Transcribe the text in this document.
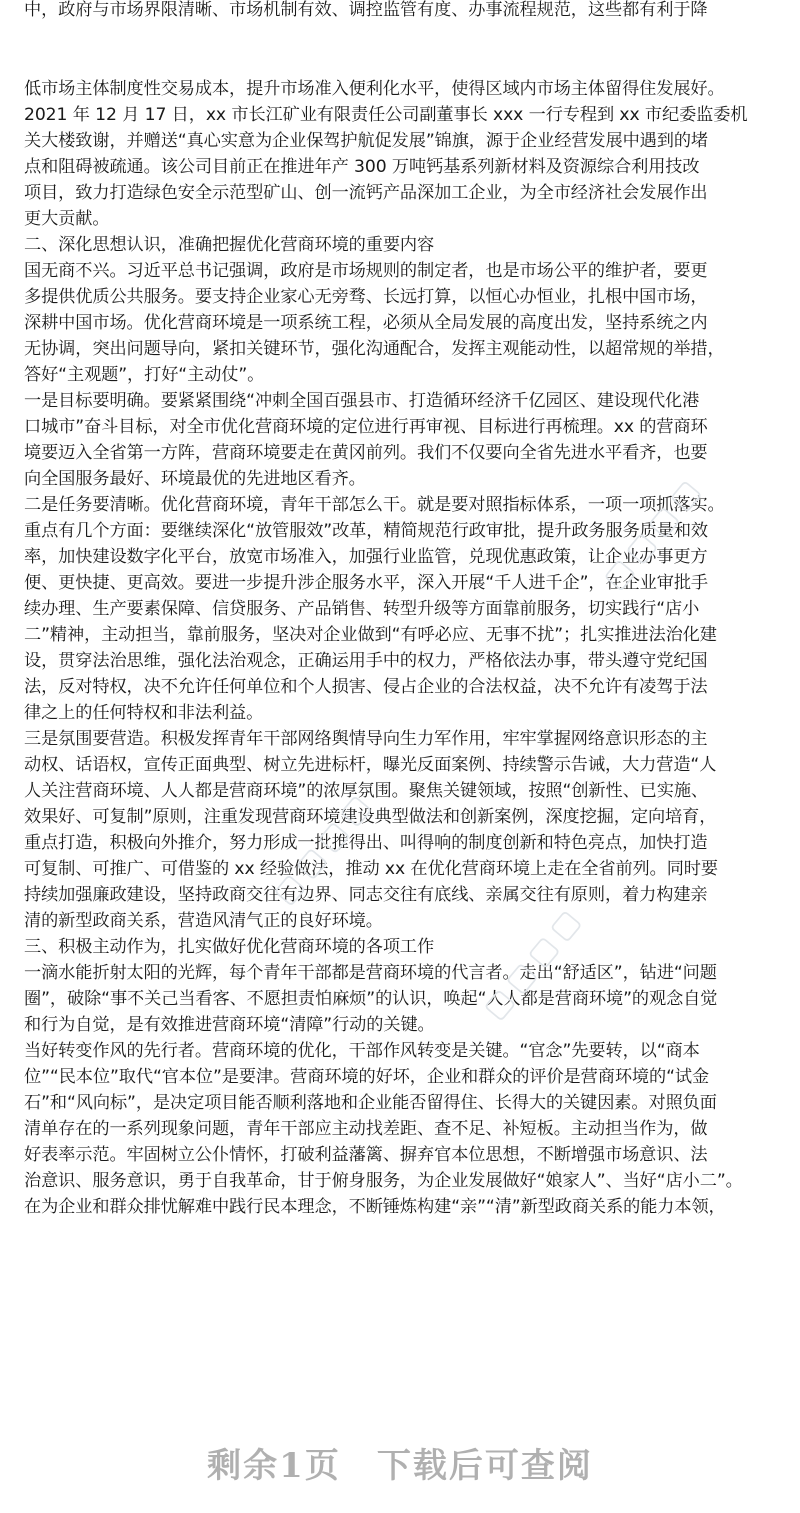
中，政府与市场界限清晰、市场机制有效、调控监管有度、办事流程规范，这些都有利于降
低市场主体制度性交易成本，提升市场准入便利化水平，使得区域内市场主体留得住发展好。
2021 年 12 月 17 日，xx 市长江矿业有限责任公司副董事长 xxx 一行专程到 xx 市纪委监委机
关大楼致谢，并赠送“真心实意为企业保驾护航促发展”锦旗，源于企业经营发展中遇到的堵
点和阻碍被疏通。该公司目前正在推进年产 300 万吨钙基系列新材料及资源综合利用技改
项目，致力打造绿色安全示范型矿山、创一流钙产品深加工企业，为全市经济社会发展作出
更大贡献。
二、深化思想认识，准确把握优化营商环境的重要内容
国无商不兴。习近平总书记强调，政府是市场规则的制定者，也是市场公平的维护者，要更
多提供优质公共服务。要支持企业家心无旁骛、长远打算，以恒心办恒业，扎根中国市场，
深耕中国市场。优化营商环境是一项系统工程，必须从全局发展的高度出发，坚持系统之内
无协调，突出问题导向，紧扣关键环节，强化沟通配合，发挥主观能动性，以超常规的举措，
答好“主观题”，打好“主动仗”。
一是目标要明确。要紧紧围绕“冲刺全国百强县市、打造循环经济千亿园区、建设现代化港
口城市”奋斗目标，对全市优化营商环境的定位进行再审视、目标进行再梳理。xx 的营商环
境要迈入全省第一方阵，营商环境要走在黄冈前列。我们不仅要向全省先进水平看齐，也要
向全国服务最好、环境最优的先进地区看齐。
二是任务要清晰。优化营商环境，青年干部怎么干。就是要对照指标体系，一项一项抓落实。
重点有几个方面：要继续深化“放管服效”改革，精简规范行政审批，提升政务服务质量和效
率，加快建设数字化平台，放宽市场准入，加强行业监管，兑现优惠政策，让企业办事更方
便、更快捷、更高效。要进一步提升涉企服务水平，深入开展“千人进千企”，在企业审批手
续办理、生产要素保障、信贷服务、产品销售、转型升级等方面靠前服务，切实践行“店小
二”精神，主动担当，靠前服务，坚决对企业做到“有呼必应、无事不扰”；扎实推进法治化建
设，贯穿法治思维，强化法治观念，正确运用手中的权力，严格依法办事，带头遵守党纪国
法，反对特权，决不允许任何单位和个人损害、侵占企业的合法权益，决不允许有凌驾于法
律之上的任何特权和非法利益。
三是氛围要营造。积极发挥青年干部网络舆情导向生力军作用，牢牢掌握网络意识形态的主
动权、话语权，宣传正面典型、树立先进标杆，曝光反面案例、持续警示告诫，大力营造“人
人关注营商环境、人人都是营商环境”的浓厚氛围。聚焦关键领域，按照“创新性、已实施、
效果好、可复制”原则，注重发现营商环境建设典型做法和创新案例，深度挖掘，定向培育，
重点打造，积极向外推介，努力形成一批推得出、叫得响的制度创新和特色亮点，加快打造
可复制、可推广、可借鉴的 xx 经验做法，推动 xx 在优化营商环境上走在全省前列。同时要
持续加强廉政建设，坚持政商交往有边界、同志交往有底线、亲属交往有原则，着力构建亲
清的新型政商关系，营造风清气正的良好环境。
三、积极主动作为，扎实做好优化营商环境的各项工作
一滴水能折射太阳的光辉，每个青年干部都是营商环境的代言者。走出“舒适区”，钻进“问题
圈”，破除“事不关己当看客、不愿担责怕麻烦”的认识，唤起“人人都是营商环境”的观念自觉
和行为自觉，是有效推进营商环境“清障”行动的关键。
当好转变作风的先行者。营商环境的优化，干部作风转变是关键。“官念”先要转，以“商本
位”“民本位”取代“官本位”是要津。营商环境的好坏，企业和群众的评价是营商环境的“试金
石”和“风向标”，是决定项目能否顺利落地和企业能否留得住、长得大的关键因素。对照负面
清单存在的一系列现象问题，青年干部应主动找差距、查不足、补短板。主动担当作为，做
好表率示范。牢固树立公仆情怀，打破利益藩篱、摒弃官本位思想，不断增强市场意识、法
治意识、服务意识，勇于自我革命，甘于俯身服务，为企业发展做好“娘家人”、当好“店小二”。
在为企业和群众排忧解难中践行民本理念，不断锤炼构建“亲”“清”新型政商关系的能力本领，
▢▢▢▢
▢▢▢▢
▢▢▢▢
剩余1页　下载后可查阅
